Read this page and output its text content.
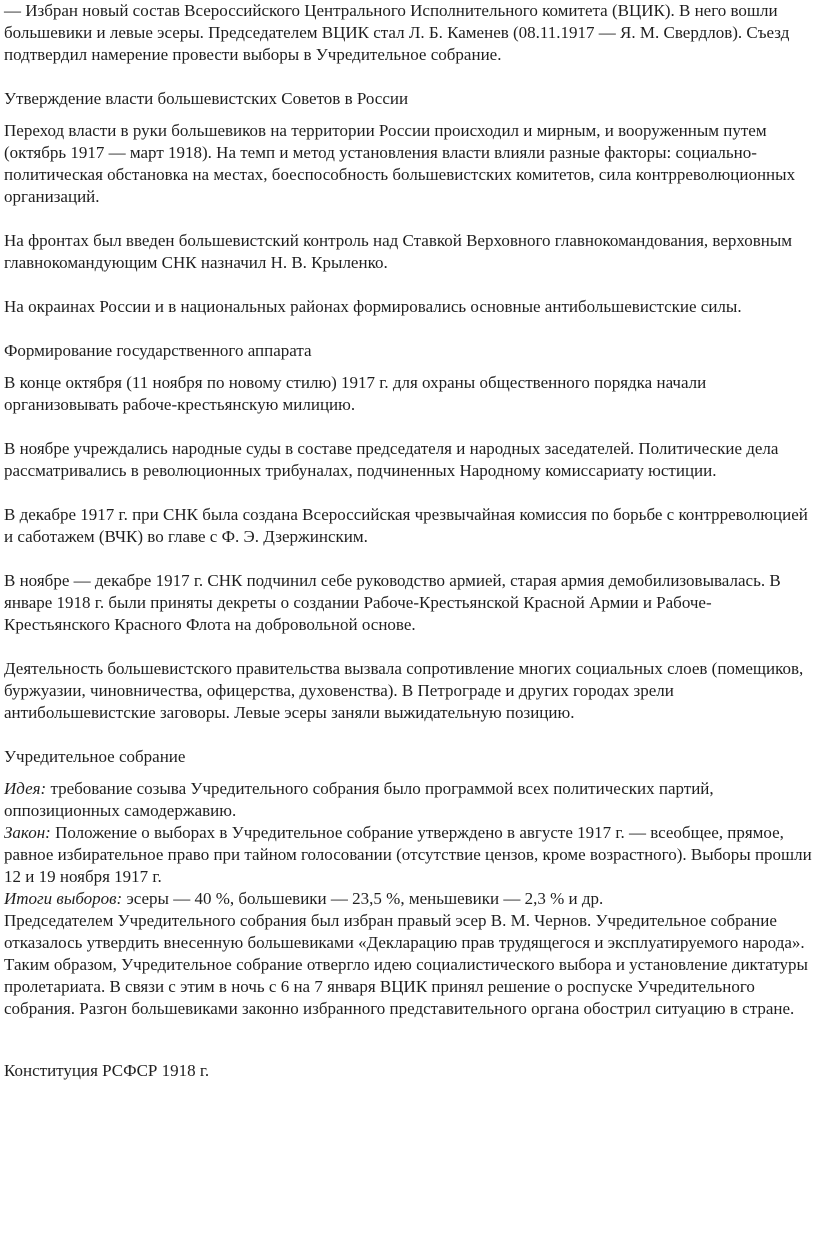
— Избран новый состав Всероссийского Центрального Исполнительного комитета (ВЦИК). В него вошли большевики и левые эсеры. Председателем ВЦИК стал Л. Б. Каменев (08.11.1917 — Я. М. Свердлов). Съезд подтвердил намерение провести выборы в Учредительное собрание.

Утверждение власти большевистских Советов в России

Переход власти в руки большевиков на территории России происходил и мирным, и вооруженным путем (октябрь 1917 — март 1918). На темп и метод установления власти влияли разные факторы: социально-политическая обстановка на местах, боеспособность большевистских комитетов, сила контрреволюционных организаций.

На фронтах был введен большевистский контроль над Ставкой Верховного главнокомандования, верховным главнокомандующим СНК назначил Н. В. Крыленко.

На окраинах России и в национальных районах формировались основные антибольшевистские силы.

Формирование государственного аппарата

В конце октября (11 ноября по новому стилю) 1917 г. для охраны общественного порядка начали организовывать рабоче-крестьянскую милицию.

В ноябре учреждались народные суды в составе председателя и народных заседателей. Политические дела рассматривались в революционных трибуналах, подчиненных Народному комиссариату юстиции.

В декабре 1917 г. при СНК была создана Всероссийская чрезвычайная комиссия по борьбе с контрреволюцией и саботажем (ВЧК) во главе с Ф. Э. Дзержинским.

В ноябре — декабре 1917 г. СНК подчинил себе руководство армией, старая армия демобилизовывалась. В январе 1918 г. были приняты декреты о создании Рабоче-Крестьянской Красной Армии и Рабоче-Крестьянского Красного Флота на добровольной основе.

Деятельность большевистского правительства вызвала сопротивление многих социальных слоев (помещиков, буржуазии, чиновничества, офицерства, духовенства). В Петрограде и других городах зрели антибольшевистские заговоры. Левые эсеры заняли выжидательную позицию.

Учредительное собрание

Идея: требование созыва Учредительного собрания было программой всех политических партий, оппозиционных самодержавию.

Закон: Положение о выборах в Учредительное собрание утверждено в августе 1917 г. — всеобщее, прямое, равное избирательное право при тайном голосовании (отсутствие цензов, кроме возрастного). Выборы прошли 12 и 19 ноября 1917 г.

Итоги выборов: эсеры — 40 %, большевики — 23,5 %, меньшевики — 2,3 % и др.

Председателем Учредительного собрания был избран правый эсер В. М. Чернов. Учредительное собрание отказалось утвердить внесенную большевиками «Декларацию прав трудящегося и эксплуатируемого народа». Таким образом, Учредительное собрание отвергло идею социалистического выбора и установление диктатуры пролетариата. В связи с этим в ночь с 6 на 7 января ВЦИК принял решение о роспуске Учредительного собрания. Разгон большевиками законно избранного представительного органа обострил ситуацию в стране.

Конституция РСФСР 1918 г.
